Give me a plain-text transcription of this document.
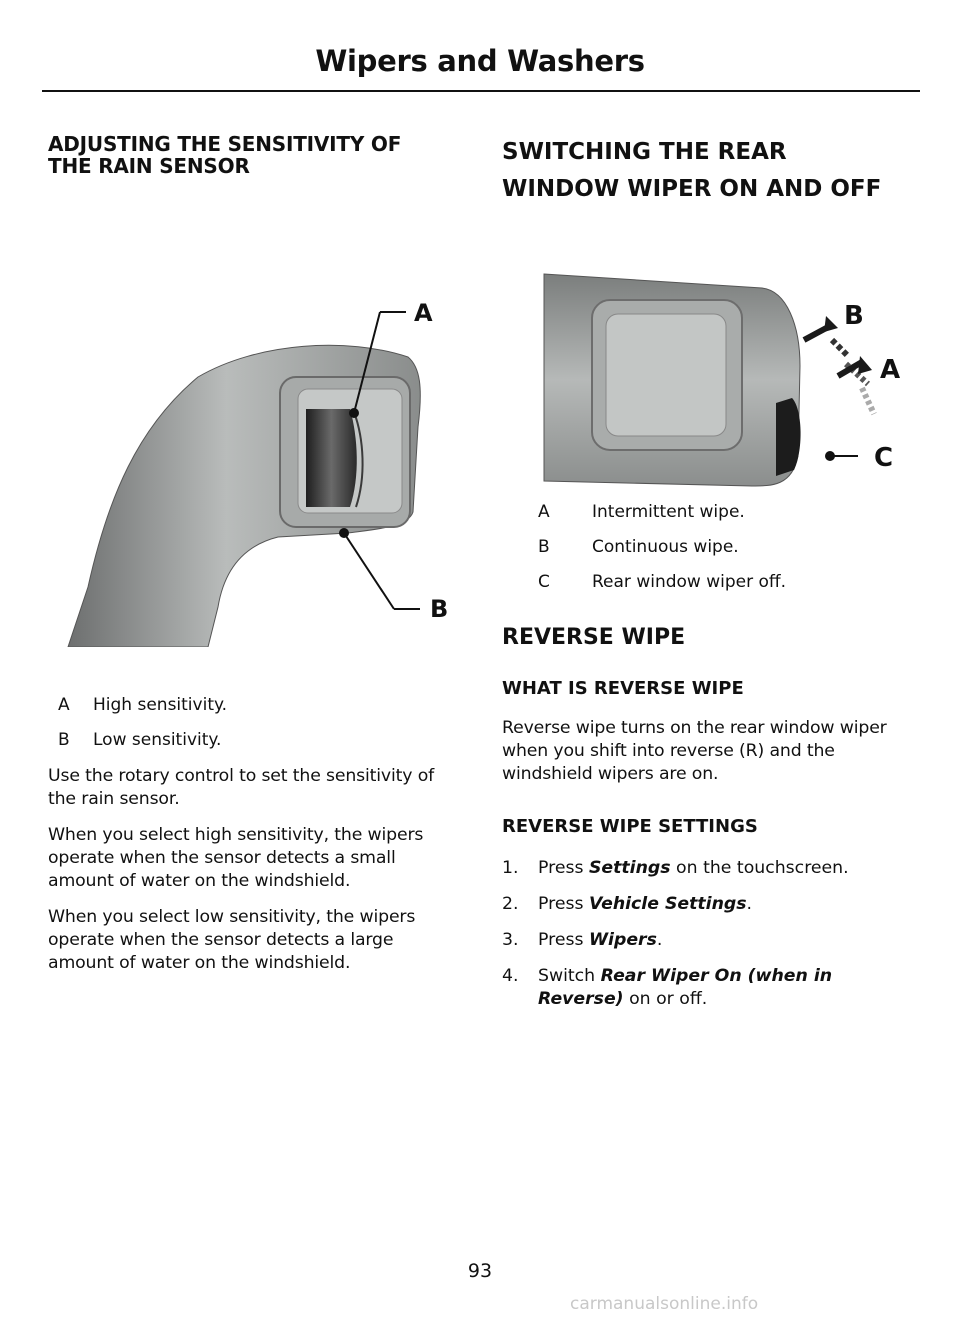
Wipers and Washers
ADJUSTING THE SENSITIVITY OF
THE RAIN SENSOR
A
B
A	High sensitivity.
B	Low sensitivity.

Use the rotary control to set the sensitivity of the rain sensor.

When you select high sensitivity, the wipers operate when the sensor detects a small amount of water on the windshield.

When you select low sensitivity, the wipers operate when the sensor detects a large amount of water on the windshield.

SWITCHING THE REAR
WINDOW WIPER ON AND OFF
B
A
C
A	Intermittent wipe.
B	Continuous wipe.
C	Rear window wiper off.
REVERSE WIPE
WHAT IS REVERSE WIPE

Reverse wipe turns on the rear window wiper when you shift into reverse (R) and the windshield wipers are on.

REVERSE WIPE SETTINGS
1.	Press Settings on the touchscreen.
2.	Press Vehicle Settings.
3.	Press Wipers.
4.	Switch Rear Wiper On (when in Reverse) on or off.
93
carmanualsonline.info
